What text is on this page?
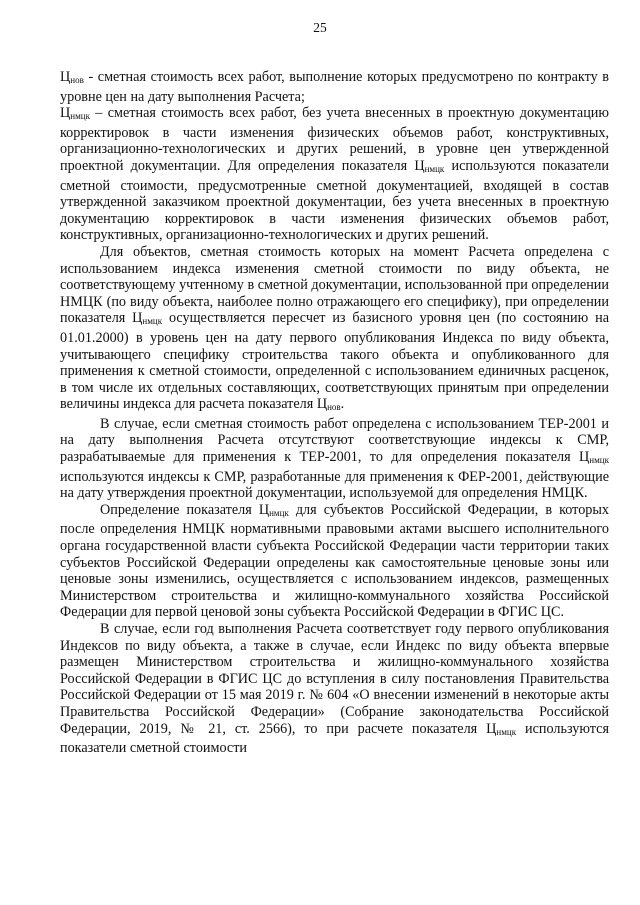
25

$Ц_{нов}$ - сметная стоимость всех работ, выполнение которых предусмотрено по контракту в уровне цен на дату выполнения Расчета;

$Ц_{нмцк}$ – сметная стоимость всех работ, без учета внесенных в проектную документацию корректировок в части изменения физических объемов работ, конструктивных, организационно-технологических и других решений, в уровне цен утвержденной проектной документации. Для определения показателя $Ц_{нмцк}$ используются показатели сметной стоимости, предусмотренные сметной документацией, входящей в состав утвержденной заказчиком проектной документации, без учета внесенных в проектную документацию корректировок в части изменения физических объемов работ, конструктивных, организационно-технологических и других решений.

Для объектов, сметная стоимость которых на момент Расчета определена с использованием индекса изменения сметной стоимости по виду объекта, не соответствующему учтенному в сметной документации, использованной при определении НМЦК (по виду объекта, наиболее полно отражающего его специфику), при определении показателя $Ц_{нмцк}$ осуществляется пересчет из базисного уровня цен (по состоянию на 01.01.2000) в уровень цен на дату первого опубликования Индекса по виду объекта, учитывающего специфику строительства такого объекта и опубликованного для применения к сметной стоимости, определенной с использованием единичных расценок, в том числе их отдельных составляющих, соответствующих принятым при определении величины индекса для расчета показателя $Ц_{нов}$.

В случае, если сметная стоимость работ определена с использованием ТЕР-2001 и на дату выполнения Расчета отсутствуют соответствующие индексы к СМР, разрабатываемые для применения к ТЕР-2001, то для определения показателя $Ц_{нмцк}$ используются индексы к СМР, разработанные для применения к ФЕР-2001, действующие на дату утверждения проектной документации, используемой для определения НМЦК.

Определение показателя $Ц_{нмцк}$ для субъектов Российской Федерации, в которых после определения НМЦК нормативными правовыми актами высшего исполнительного органа государственной власти субъекта Российской Федерации части территории таких субъектов Российской Федерации определены как самостоятельные ценовые зоны или ценовые зоны изменились, осуществляется с использованием индексов, размещенных Министерством строительства и жилищно-коммунального хозяйства Российской Федерации для первой ценовой зоны субъекта Российской Федерации в ФГИС ЦС.

В случае, если год выполнения Расчета соответствует году первого опубликования Индексов по виду объекта, а также в случае, если Индекс по виду объекта впервые размещен Министерством строительства и жилищно-коммунального хозяйства Российской Федерации в ФГИС ЦС до вступления в силу постановления Правительства Российской Федерации от 15 мая 2019 г. № 604 «О внесении изменений в некоторые акты Правительства Российской Федерации» (Собрание законодательства Российской Федерации, 2019, № 21, ст. 2566), то при расчете показателя $Ц_{нмцк}$ используются показатели сметной стоимости
